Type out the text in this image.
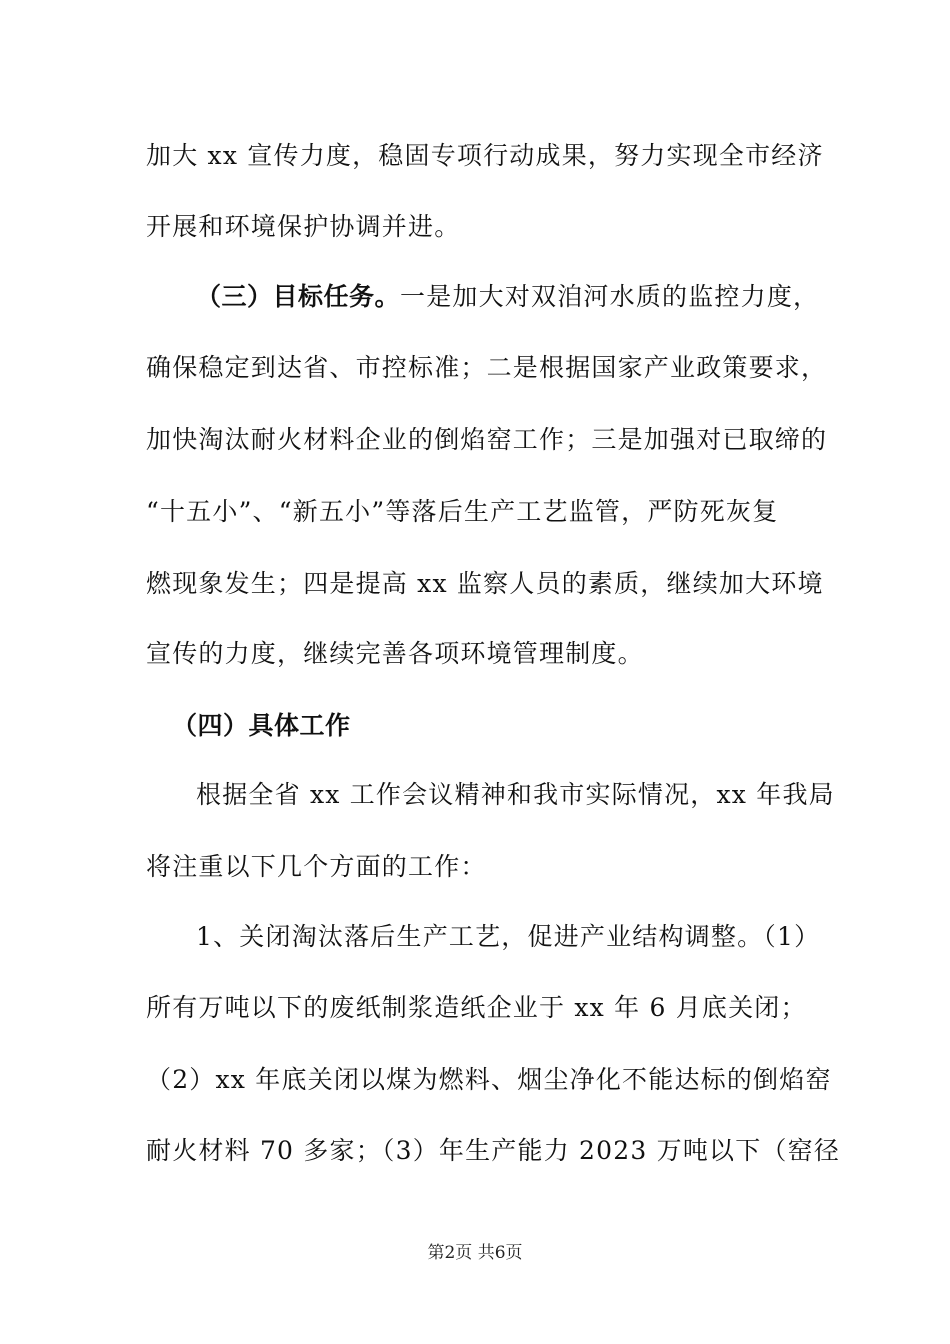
加大 xx 宣传力度，稳固专项行动成果，努力实现全市经济
开展和环境保护协调并进。
（三）目标任务。一是加大对双洎河水质的监控力度，
确保稳定到达省、市控标准；二是根据国家产业政策要求，
加快淘汰耐火材料企业的倒焰窑工作；三是加强对已取缔的
“十五小”、“新五小”等落后生产工艺监管，严防死灰复
燃现象发生；四是提高 xx 监察人员的素质，继续加大环境
宣传的力度，继续完善各项环境管理制度。
（四）具体工作
根据全省 xx 工作会议精神和我市实际情况，xx 年我局
将注重以下几个方面的工作：
1、关闭淘汰落后生产工艺，促进产业结构调整。（1）
所有万吨以下的废纸制浆造纸企业于 xx 年 6 月底关闭；
（2）xx 年底关闭以煤为燃料、烟尘净化不能达标的倒焰窑
耐火材料 70 多家；（3）年生产能力 2023 万吨以下（窑径
第2页 共6页
